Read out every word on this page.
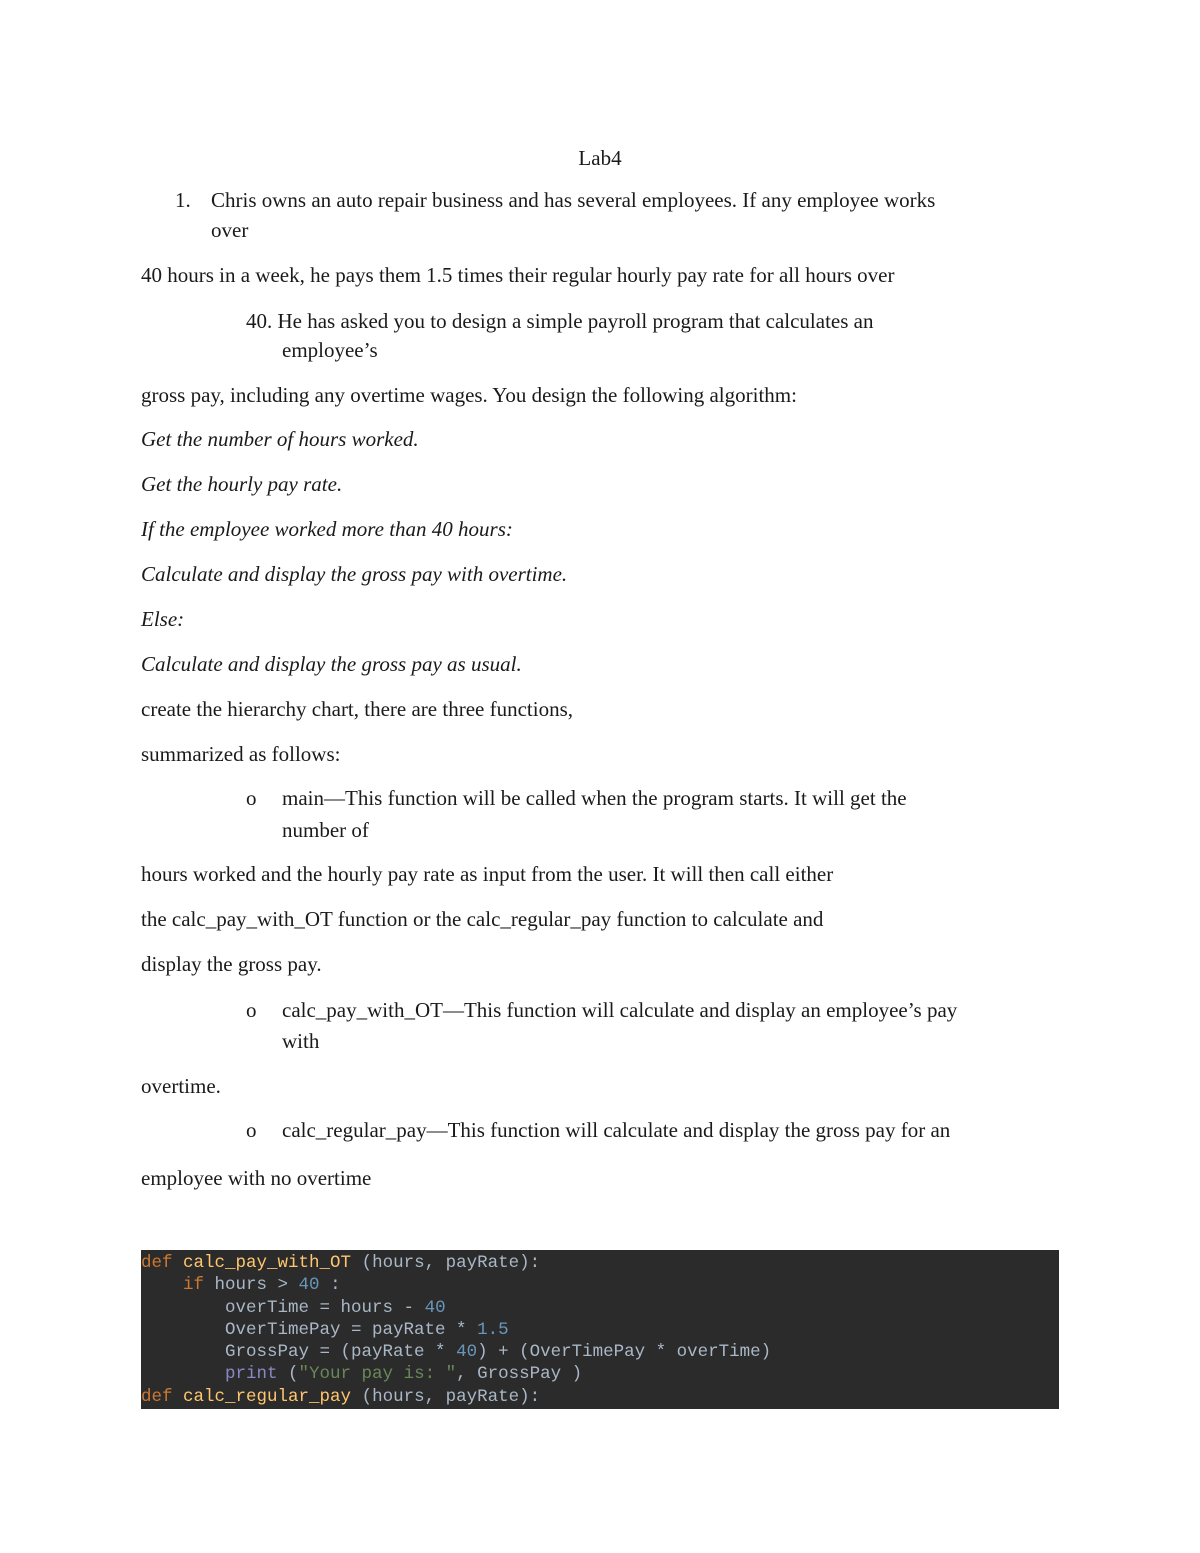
Lab4
1. Chris owns an auto repair business and has several employees. If any employee works
over
40 hours in a week, he pays them 1.5 times their regular hourly pay rate for all hours over
40. He has asked you to design a simple payroll program that calculates an
employee’s
gross pay, including any overtime wages. You design the following algorithm:
Get the number of hours worked.
Get the hourly pay rate.
If the employee worked more than 40 hours:
Calculate and display the gross pay with overtime.
Else:
Calculate and display the gross pay as usual.
create the hierarchy chart, there are three functions,
summarized as follows:
o main—This function will be called when the program starts. It will get the
number of
hours worked and the hourly pay rate as input from the user. It will then call either
the calc_pay_with_OT function or the calc_regular_pay function to calculate and
display the gross pay.
o calc_pay_with_OT—This function will calculate and display an employee’s pay
with
overtime.
o calc_regular_pay—This function will calculate and display the gross pay for an
employee with no overtime
def calc_pay_with_OT (hours, payRate):
if hours > 40 :
overTime = hours - 40
OverTimePay = payRate * 1.5
GrossPay = (payRate * 40) + (OverTimePay * overTime)
print ("Your pay is: ", GrossPay )
def calc_regular_pay (hours, payRate):
